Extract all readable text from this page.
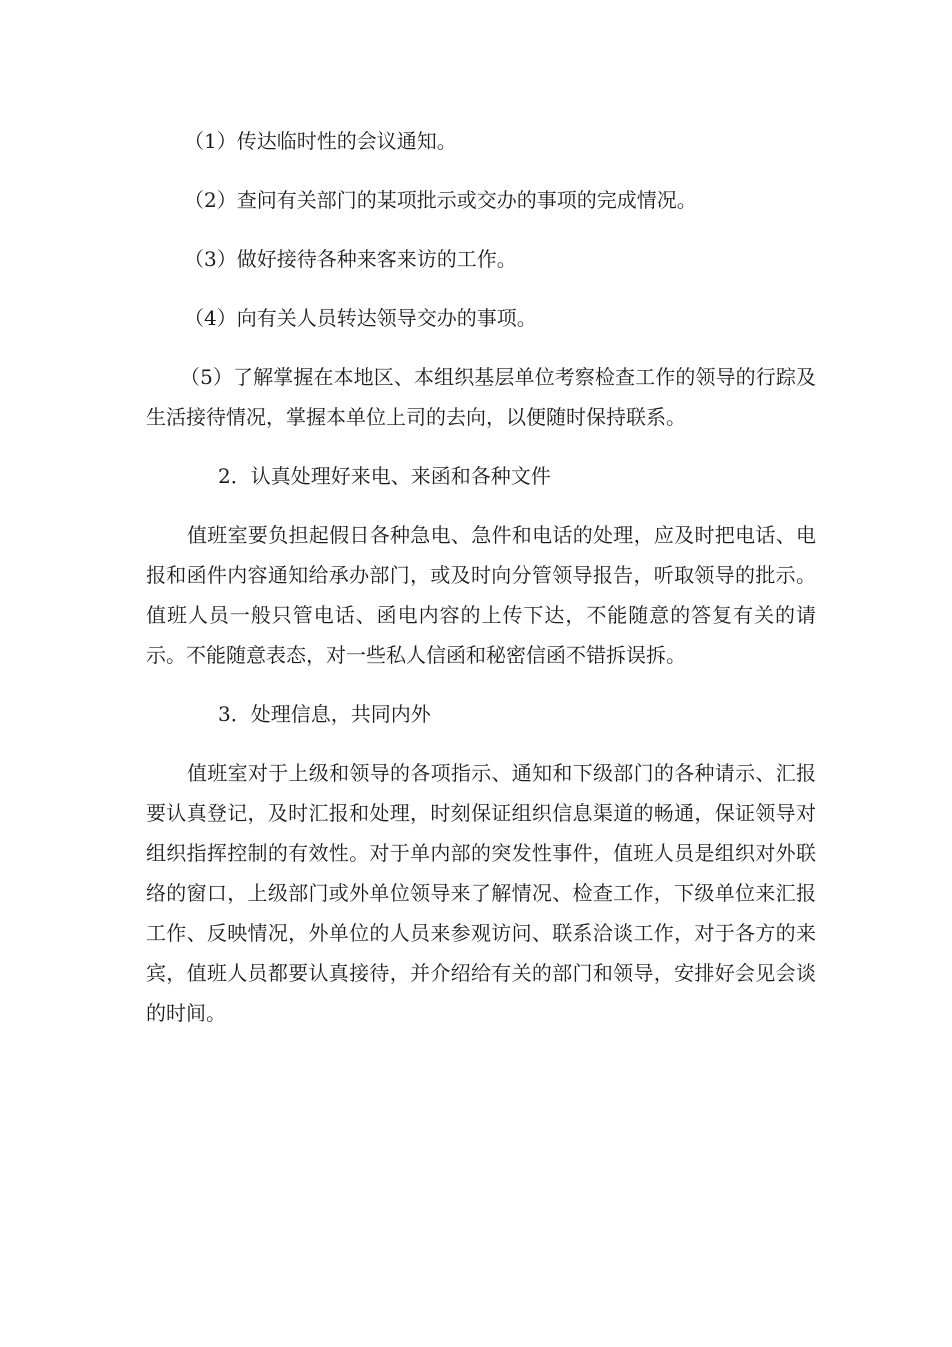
（1）传达临时性的会议通知。

（2）查问有关部门的某项批示或交办的事项的完成情况。

（3）做好接待各种来客来访的工作。

（4）向有关人员转达领导交办的事项。

（5）了解掌握在本地区、本组织基层单位考察检查工作的领导的行踪及生活接待情况，掌握本单位上司的去向，以便随时保持联系。

2．认真处理好来电、来函和各种文件

值班室要负担起假日各种急电、急件和电话的处理，应及时把电话、电报和函件内容通知给承办部门，或及时向分管领导报告，听取领导的批示。值班人员一般只管电话、函电内容的上传下达，不能随意的答复有关的请示。不能随意表态，对一些私人信函和秘密信函不错拆误拆。

3．处理信息，共同内外

值班室对于上级和领导的各项指示、通知和下级部门的各种请示、汇报要认真登记，及时汇报和处理，时刻保证组织信息渠道的畅通，保证领导对组织指挥控制的有效性。对于单内部的突发性事件，值班人员是组织对外联络的窗口，上级部门或外单位领导来了解情况、检查工作，下级单位来汇报工作、反映情况，外单位的人员来参观访问、联系洽谈工作，对于各方的来宾，值班人员都要认真接待，并介绍给有关的部门和领导，安排好会见会谈的时间。
